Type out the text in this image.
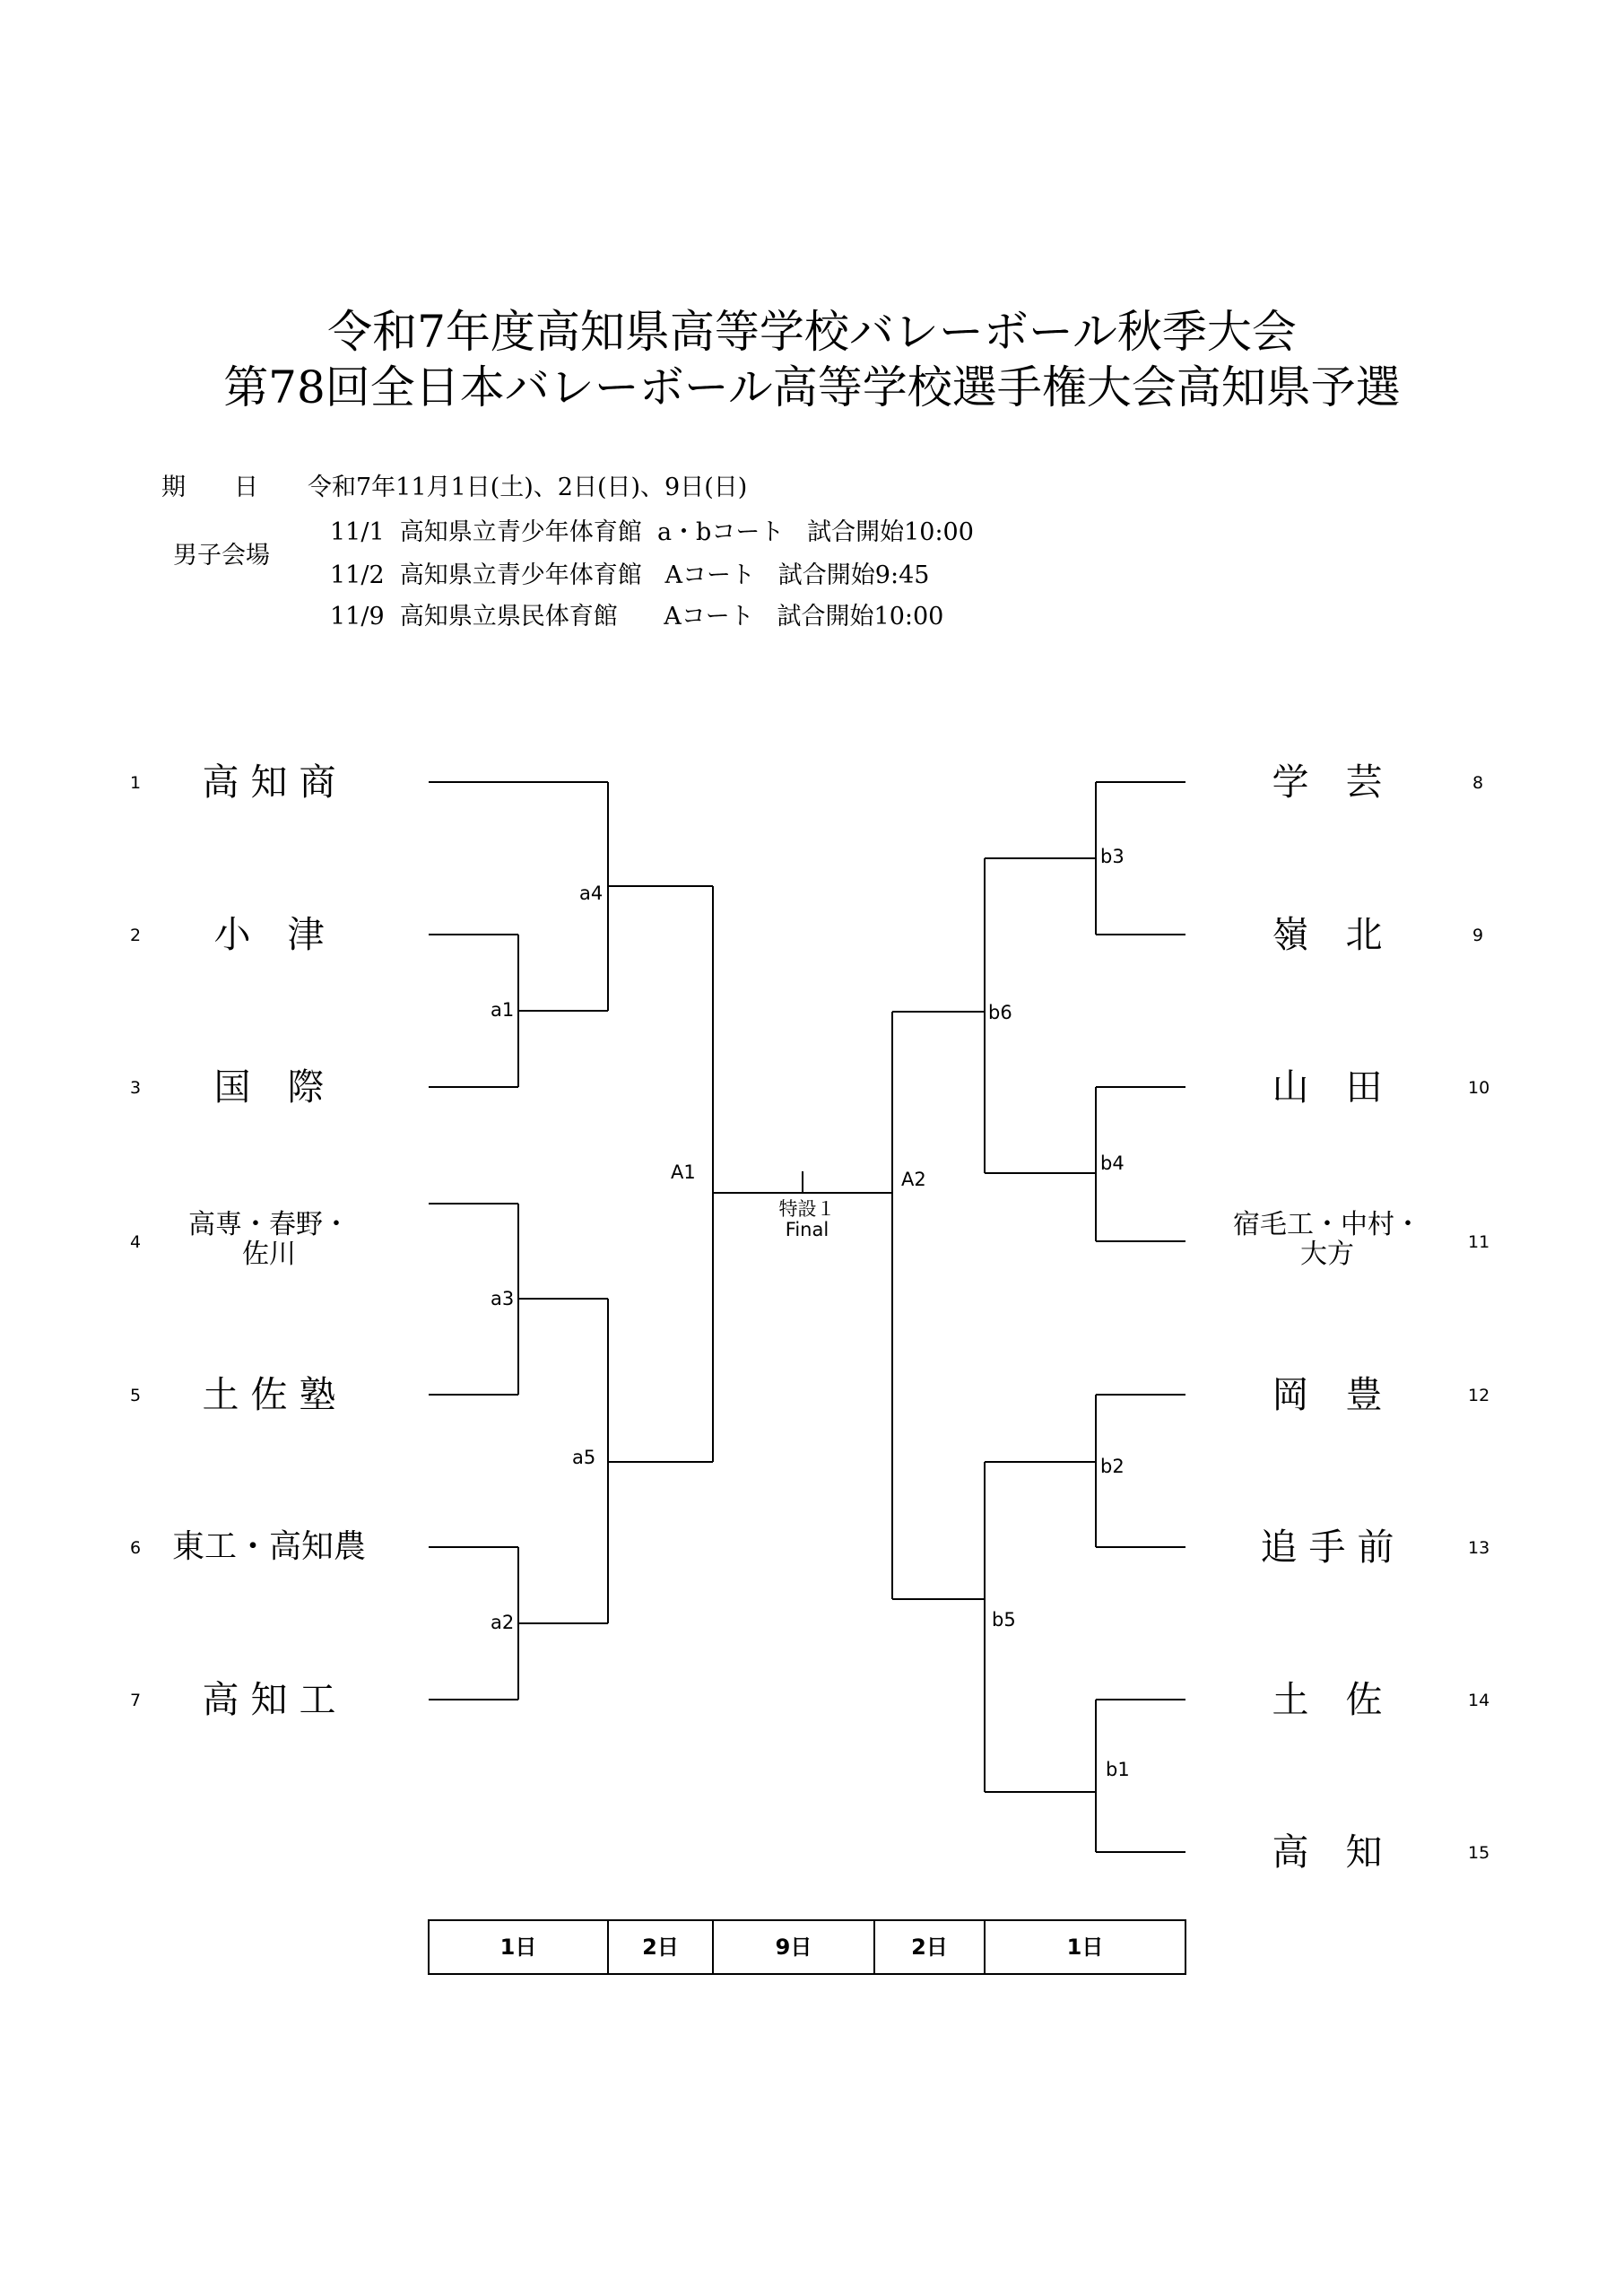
令和7年度高知県高等学校バレーボール秋季大会
第78回全日本バレーボール高等学校選手権大会高知県予選
期　　日 令和7年11月1日(土)、2日(日)、9日(日)
男子会場
11/1  高知県立青少年体育館  a・bコート   試合開始10:00
11/2  高知県立青少年体育館   Aコート   試合開始9:45
11/9  高知県立県民体育館      Aコート   試合開始10:00
1	高 知 商
2	小　津
3	国　際
4
高専・春野・
佐川
5	土 佐 塾
6 東工・高知農
7	高 知 工
学　芸	8
嶺　北	9
山　田	10
宿毛工・中村・
大方	11
岡　豊	12
追 手 前	13
土　佐	14
高　知	15
a1
a2
a3
a4
a5
A1	A2
b3
b4
b6
b2
b1
b5
特設１
Final
1日	2日	9日	2日	1日
